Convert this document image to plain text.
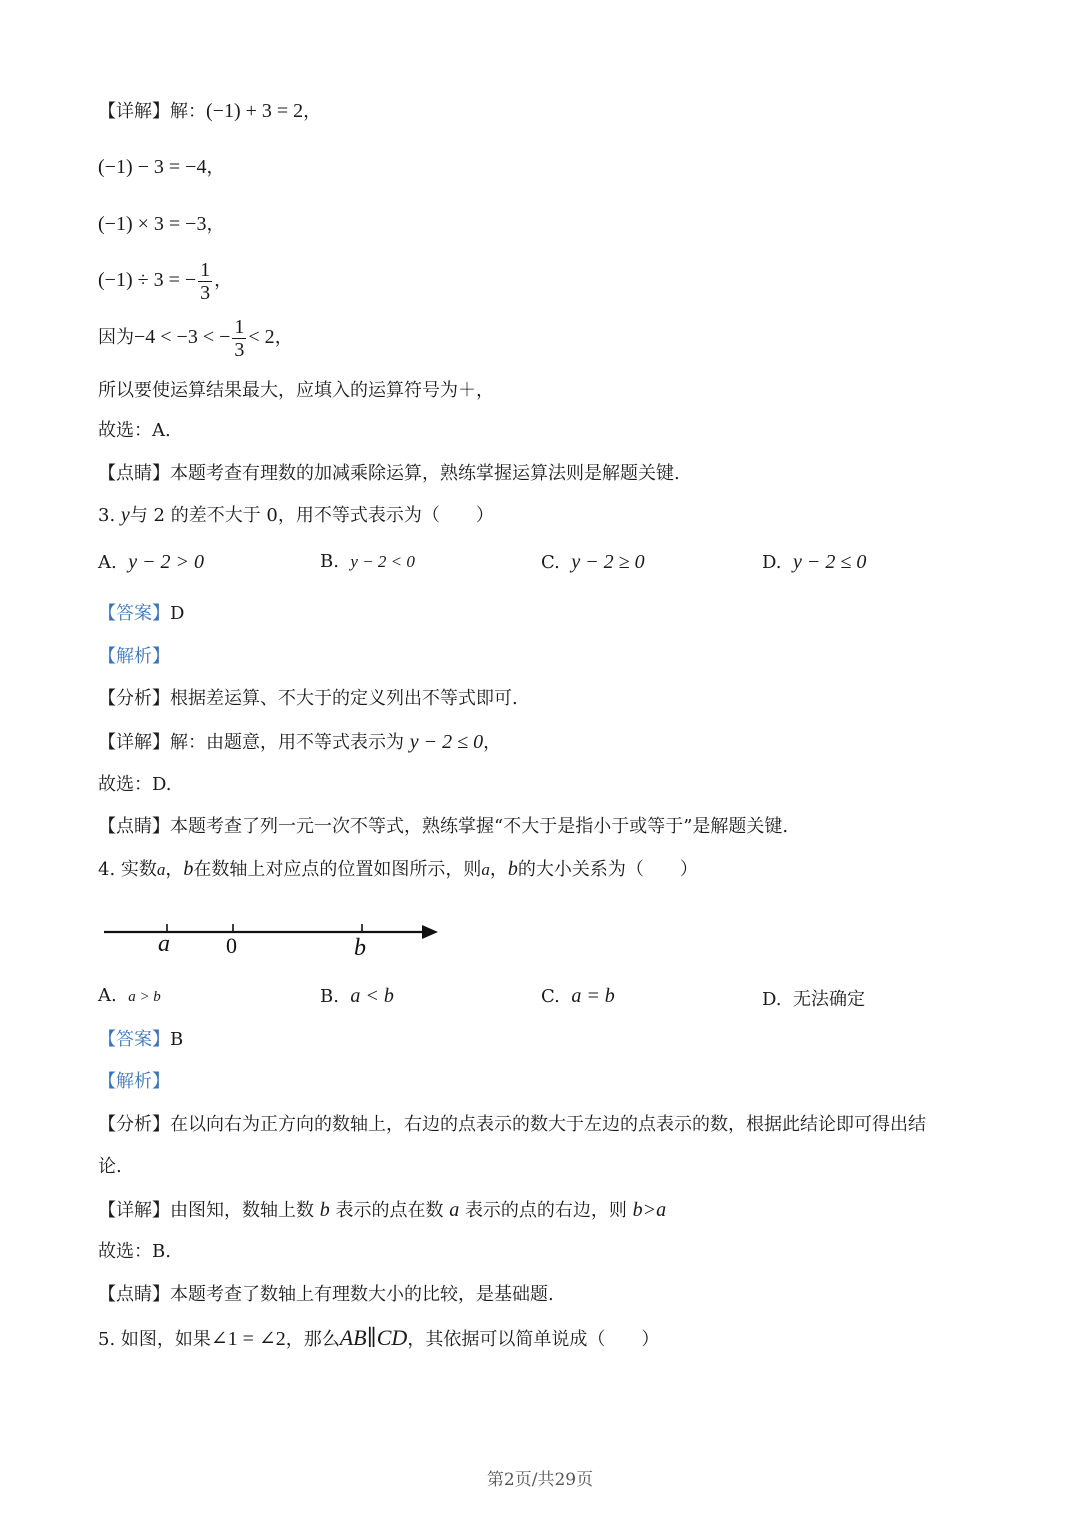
【详解】解：(−1) + 3 = 2，
(−1) − 3 = −4，
(−1) × 3 = −3，
(−1) ÷ 3 = − $\frac{1}{3}$ ，
因为−4 < −3 < − $\frac{1}{3} < 2$，
所以要使运算结果最大，应填入的运算符号为＋，
故选：A.
【点睛】本题考查有理数的加减乘除运算，熟练掌握运算法则是解题关键.
3. y与 2 的差不大于 0，用不等式表示为（　　）
A. y − 2 > 0	B. y − 2 < 0	C. y − 2 ≥ 0	D. y − 2 ≤ 0
【答案】D
【解析】
【分析】根据差运算、不大于的定义列出不等式即可.
【详解】解：由题意，用不等式表示为 y − 2 ≤ 0，
故选：D.
【点睛】本题考查了列一元一次不等式，熟练掌握“不大于是指小于或等于”是解题关键.
4. 实数a，b在数轴上对应点的位置如图所示，则a，b的大小关系为（　　）
a	0	b
A. a > b	B. a < b	C. a = b	D. 无法确定
【答案】B
【解析】
【分析】在以向右为正方向的数轴上，右边的点表示的数大于左边的点表示的数，根据此结论即可得出结
论.
【详解】由图知，数轴上数 b 表示的点在数 a 表示的点的右边，则 b>a
故选：B.
【点睛】本题考查了数轴上有理数大小的比较，是基础题.
5. 如图，如果∠1 = ∠2，那么AB∥CD，其依据可以简单说成（　　）
第2页/共29页
